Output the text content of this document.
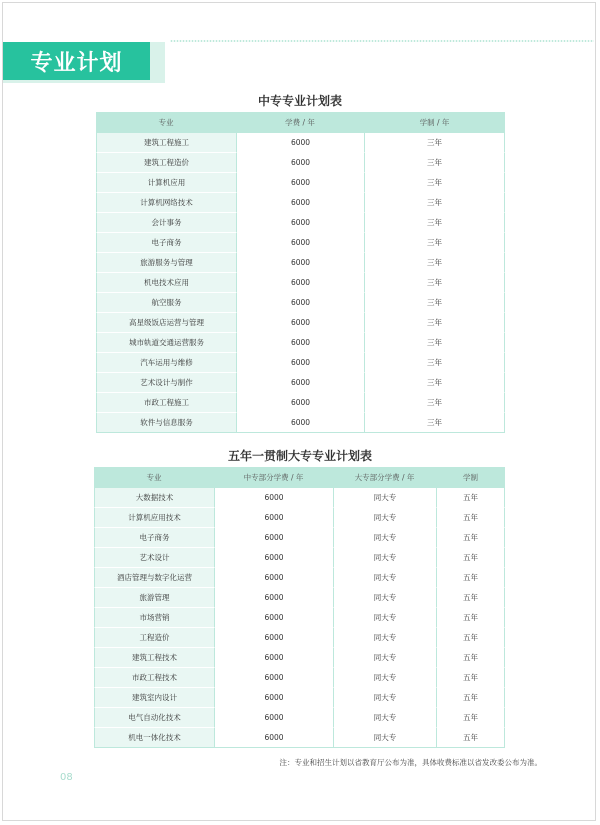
专业计划
中专专业计划表
专业	学费 / 年	学制 / 年
建筑工程施工	6000	三年
建筑工程造价	6000	三年
计算机应用	6000	三年
计算机网络技术	6000	三年
会计事务	6000	三年
电子商务	6000	三年
旅游服务与管理	6000	三年
机电技术应用	6000	三年
航空服务	6000	三年
高星级饭店运营与管理	6000	三年
城市轨道交通运营服务	6000	三年
汽车运用与维修	6000	三年
艺术设计与制作	6000	三年
市政工程施工	6000	三年
软件与信息服务	6000	三年
五年一贯制大专专业计划表
专业	中专部分学费 / 年	大专部分学费 / 年	学制
大数据技术	6000	同大专	五年
计算机应用技术	6000	同大专	五年
电子商务	6000	同大专	五年
艺术设计	6000	同大专	五年
酒店管理与数字化运营	6000	同大专	五年
旅游管理	6000	同大专	五年
市场营销	6000	同大专	五年
工程造价	6000	同大专	五年
建筑工程技术	6000	同大专	五年
市政工程技术	6000	同大专	五年
建筑室内设计	6000	同大专	五年
电气自动化技术	6000	同大专	五年
机电一体化技术	6000	同大专	五年
注：专业和招生计划以省教育厅公布为准，具体收费标准以省发改委公布为准。
08
